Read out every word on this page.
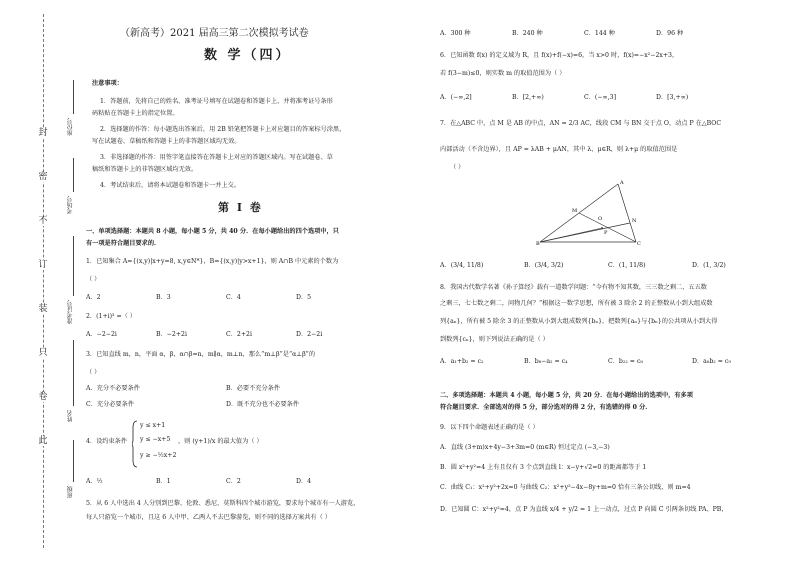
封
密
不
订
装
只
卷
此
座位号
考场号
准考证号
姓名
班级
（新高考）2021 届高三第二次模拟考试卷
数 学（四）
注意事项：
1．答题前，先将自己的姓名、准考证号填写在试题卷和答题卡上，并将准考证号条形
码粘贴在答题卡上的指定位置。
2．选择题的作答：每小题选出答案后，用 2B 铅笔把答题卡上对应题目的答案标号涂黑，
写在试题卷、草稿纸和答题卡上的非答题区域均无效。
3．非选择题的作答：用签字笔直接答在答题卡上对应的答题区域内。写在试题卷、草
稿纸和答题卡上的非答题区域均无效。
4．考试结束后，请将本试题卷和答题卡一并上交。
第 I 卷
一、单项选择题：本题共 8 小题，每小题 5 分，共 40 分．在每小题给出的四个选项中，只
有一项是符合题目要求的．
1．已知集合 A={(x,y)|x+y=8, x,y∈N*}，B={(x,y)|y>x+1}，则 A∩B 中元素的个数为
（ ）
A．2	B．3	C．4	D．5
2．(1+i)³ =（ ）
A．−2−2i	B．−2+2i	C．2+2i	D．2−2i
3．已知直线 m，n，平面 α，β，α∩β=n，m∥α，m⊥n，那么“m⊥β”是“α⊥β”的
（ ）
A．充分不必要条件	B．必要不充分条件
C．充分必要条件	D．既不充分也不必要条件
4．设约束条件
y ≤ x+1
y ≤ −x+5
y ≥ −½x+2
，则 (y+1)/x 的最大值为（ ）
A．½	B．1	C．2	D．4
5．从 6 人中选出 4 人分别到巴黎、伦敦、悉尼、莫斯科四个城市游览，要求每个城市有一人游览，
每人只游览一个城市，且这 6 人中甲、乙两人不去巴黎游览，则不同的选择方案共有（ ）
A．300 种	B．240 种	C．144 种	D．96 种
6．已知函数 f(x) 的定义域为 R，且 f(x)+f(−x)=6，当 x>0 时，f(x)=−x²−2x+3，
若 f(3−m)≤0，则实数 m 的取值范围为（ ）
A．(−∞,2]	B．[2,+∞)	C．(−∞,3]	D．[3,+∞)
7．在△ABC 中，点 M 是 AB 的中点，AN = 2/3 AC，线段 CM 与 BN 交于点 O，动点 P 在△BOC
内部活动（不含边界），且 AP = λAB + μAN，其中 λ、μ∈R，则 λ+μ 的取值范围是
（ ）
A
M
N
O
P
B	C
A．(3/4, 11/8)	B．(3/4, 3/2)	C．(1, 11/8)	D．(1, 3/2)
8．我国古代数学名著《孙子算经》载有一道数学问题：“今有物不知其数，三三数之剩二，五五数
之剩三，七七数之剩二，问物几何？”根据这一数学思想，所有被 3 除余 2 的正整数从小到大组成数
列{aₙ}，所有被 5 除余 3 的正整数从小到大组成数列{bₙ}，把数列{aₙ}与{bₙ}的公共项从小到大得
到数列{cₙ}，则下列说法正确的是（ ）
A．a₁+b₂ = c₂	B．b₈−a₂ = c₄	C．b₂₂ = c₈	D．a₆b₂ = c₉
二、多项选择题：本题共 4 小题，每小题 5 分，共 20 分．在每小题给出的选项中，有多项
符合题目要求．全部选对的得 5 分，部分选对的得 2 分，有选错的得 0 分．
9．以下四个命题表述正确的是（ ）
A．直线 (3+m)x+4y−3+3m=0 (m∈R) 恒过定点 (−3,−3)
B．圆 x²+y²=4 上有且仅有 3 个点到直线 l：x−y+√2=0 的距离都等于 1
C．曲线 C₁：x²+y²+2x=0 与曲线 C₂：x²+y²−4x−8y+m=0 恰有三条公切线，则 m=4
D．已知圆 C：x²+y²=4，点 P 为直线 x/4 + y/2 = 1 上一动点，过点 P 向圆 C 引两条切线 PA、PB，
